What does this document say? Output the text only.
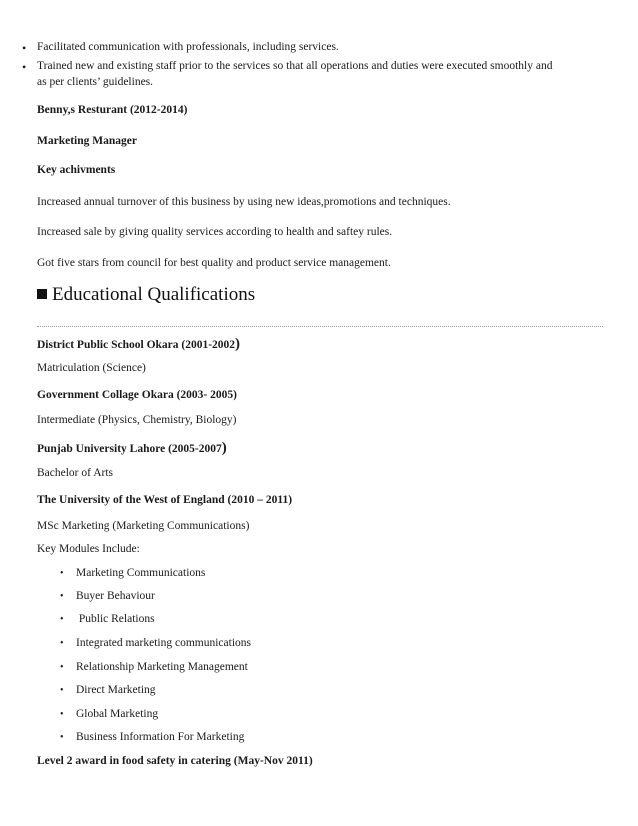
• Facilitated communication with professionals, including services.
• Trained new and existing staff prior to the services so that all operations and duties were executed smoothly and
as per clients’ guidelines.
Benny,s Resturant (2012-2014)
Marketing Manager
Key achivments
Increased annual turnover of this business by using new ideas,promotions and techniques.
Increased sale by giving quality services according to health and saftey rules.
Got five stars from council for best quality and product service management.
Educational Qualifications
District Public School Okara (2001-2002)
Matriculation (Science)
Government Collage Okara (2003- 2005)
Intermediate (Physics, Chemistry, Biology)
Punjab University Lahore (2005-2007)
Bachelor of Arts
The University of the West of England (2010 – 2011)
MSc Marketing (Marketing Communications)
Key Modules Include:
• Marketing Communications
• Buyer Behaviour
• Public Relations
• Integrated marketing communications
• Relationship Marketing Management
• Direct Marketing
• Global Marketing
• Business Information For Marketing
Level 2 award in food safety in catering (May-Nov 2011)
